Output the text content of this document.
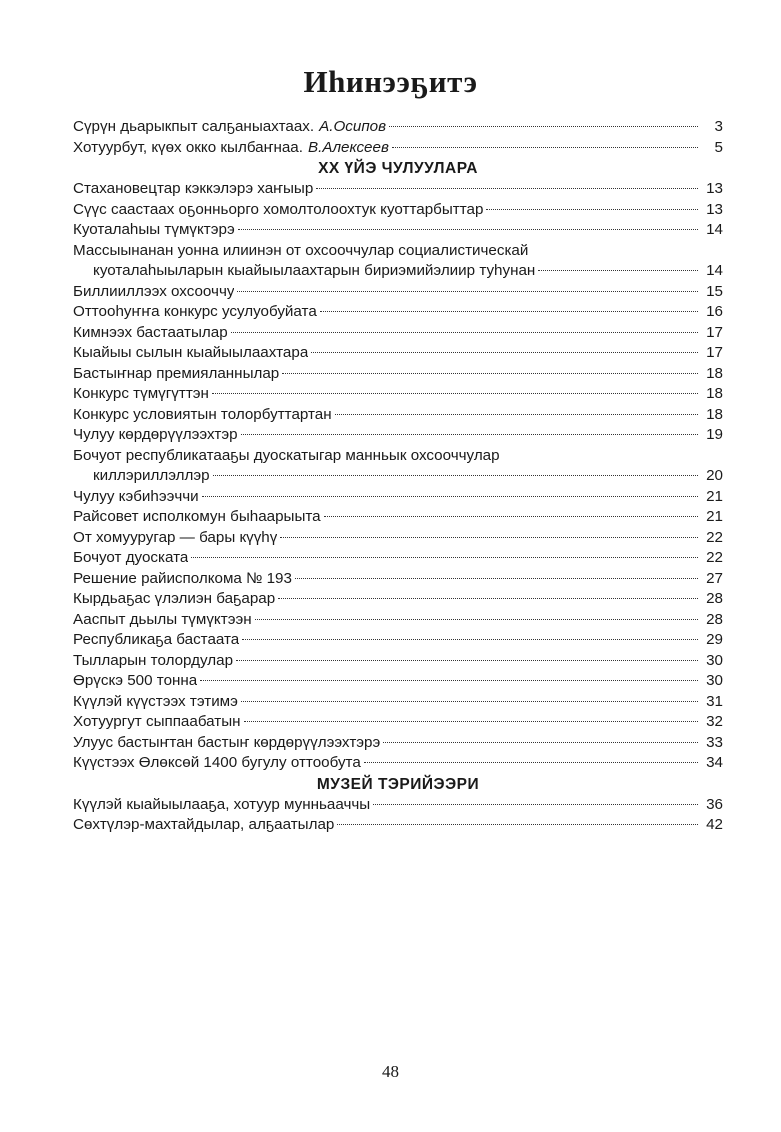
Иhинээҕитэ
Сүрүн дьарыкпыт салҕаныахтаах. А.Осипов	3
Хотуурбут, күөх окко кылбаҥнаа. В.Алексеев	5
ХХ ҮЙЭ ЧУЛУУЛАРА
Стахановецтар кэккэлэрэ хаҥыыр	13
Сүүс саастаах оҕонньорго хомолтолоохтук куоттарбыттар	13
Куоталаhыы түмүктэрэ	14
Массыынанан уонна илиинэн от охсооччулар социалистическай
куоталаhыыларын кыайыылаахтарын бириэмийэлиир туhунан	14
Биллииллээх охсооччу	15
Оттооhуҥҥа конкурс усулуобуйата	16
Кимнээх бастаатылар	17
Кыайыы сылын кыайыылаахтара	17
Бастыҥнар премияланнылар	18
Конкурс түмүгүттэн	18
Конкурс условиятын толорбуттартан	18
Чулуу көрдөрүүлээхтэр	19
Бочуот республикатааҕы дуоскатыгар манньык охсооччулар
киллэриллэллэр	20
Чулуу кэбиhээччи	21
Райсовет исполкомун быhаарыыта	21
От хомууругар — бары күүhү	22
Бочуот дуоската	22
Решение райисполкома № 193	27
Кырдьаҕас үлэлиэн баҕарар	28
Ааспыт дьылы түмүктээн	28
Республикаҕа бастаата	29
Тылларын толордулар	30
Өрүскэ 500 тонна	30
Күүлэй күүстээх тэтимэ	31
Хотуургут сыппаабатын	32
Улуус бастыҥтан бастыҥ көрдөрүүлээхтэрэ	33
Күүстээх Өлөксөй 1400 бугулу оттообута	34
МУЗЕЙ ТЭРИЙЭЭРИ
Күүлэй кыайыылааҕа, хотуур мунньааччы	36
Сөхтүлэр-махтайдылар, алҕаатылар	42
48
